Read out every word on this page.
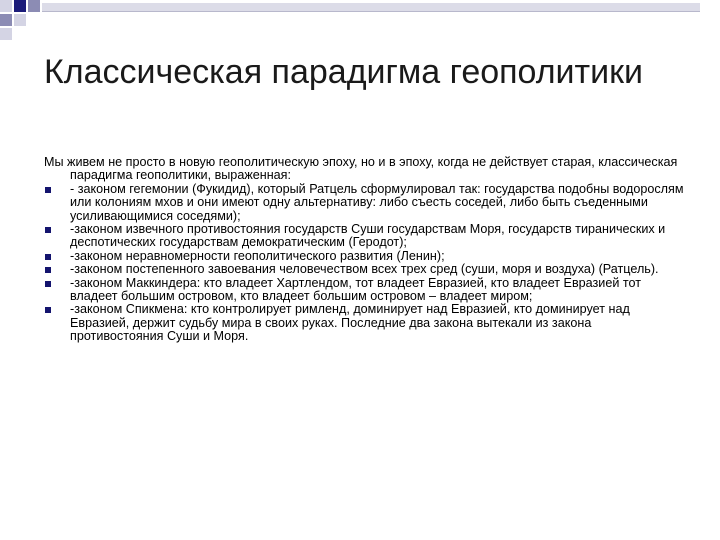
Классическая парадигма геополитики
Мы живем не просто в новую геополитическую эпоху, но и в эпоху, когда не действует старая, классическая парадигма геополитики, выраженная:
- законом гегемонии (Фукидид), который Ратцель сформулировал так: государства подобны водорослям или колониям мхов и они имеют одну альтернативу: либо съесть соседей, либо быть съеденными усиливающимися соседями);
-законом извечного противостояния государств Суши государствам Моря, государств тиранических и деспотических государствам демократическим (Геродот);
-законом неравномерности геополитического развития (Ленин);
-законом постепенного завоевания человечеством всех трех сред (суши, моря и воздуха) (Ратцель).
-законом Маккиндера: кто владеет Хартлендом, тот владеет Евразией, кто владеет Евразией тот владеет большим островом, кто владеет большим островом – владеет миром;
-законом Спикмена: кто контролирует римленд, доминирует над Евразией, кто доминирует над Евразией, держит судьбу мира в своих руках. Последние два закона вытекали из закона противостояния Суши и Моря.
